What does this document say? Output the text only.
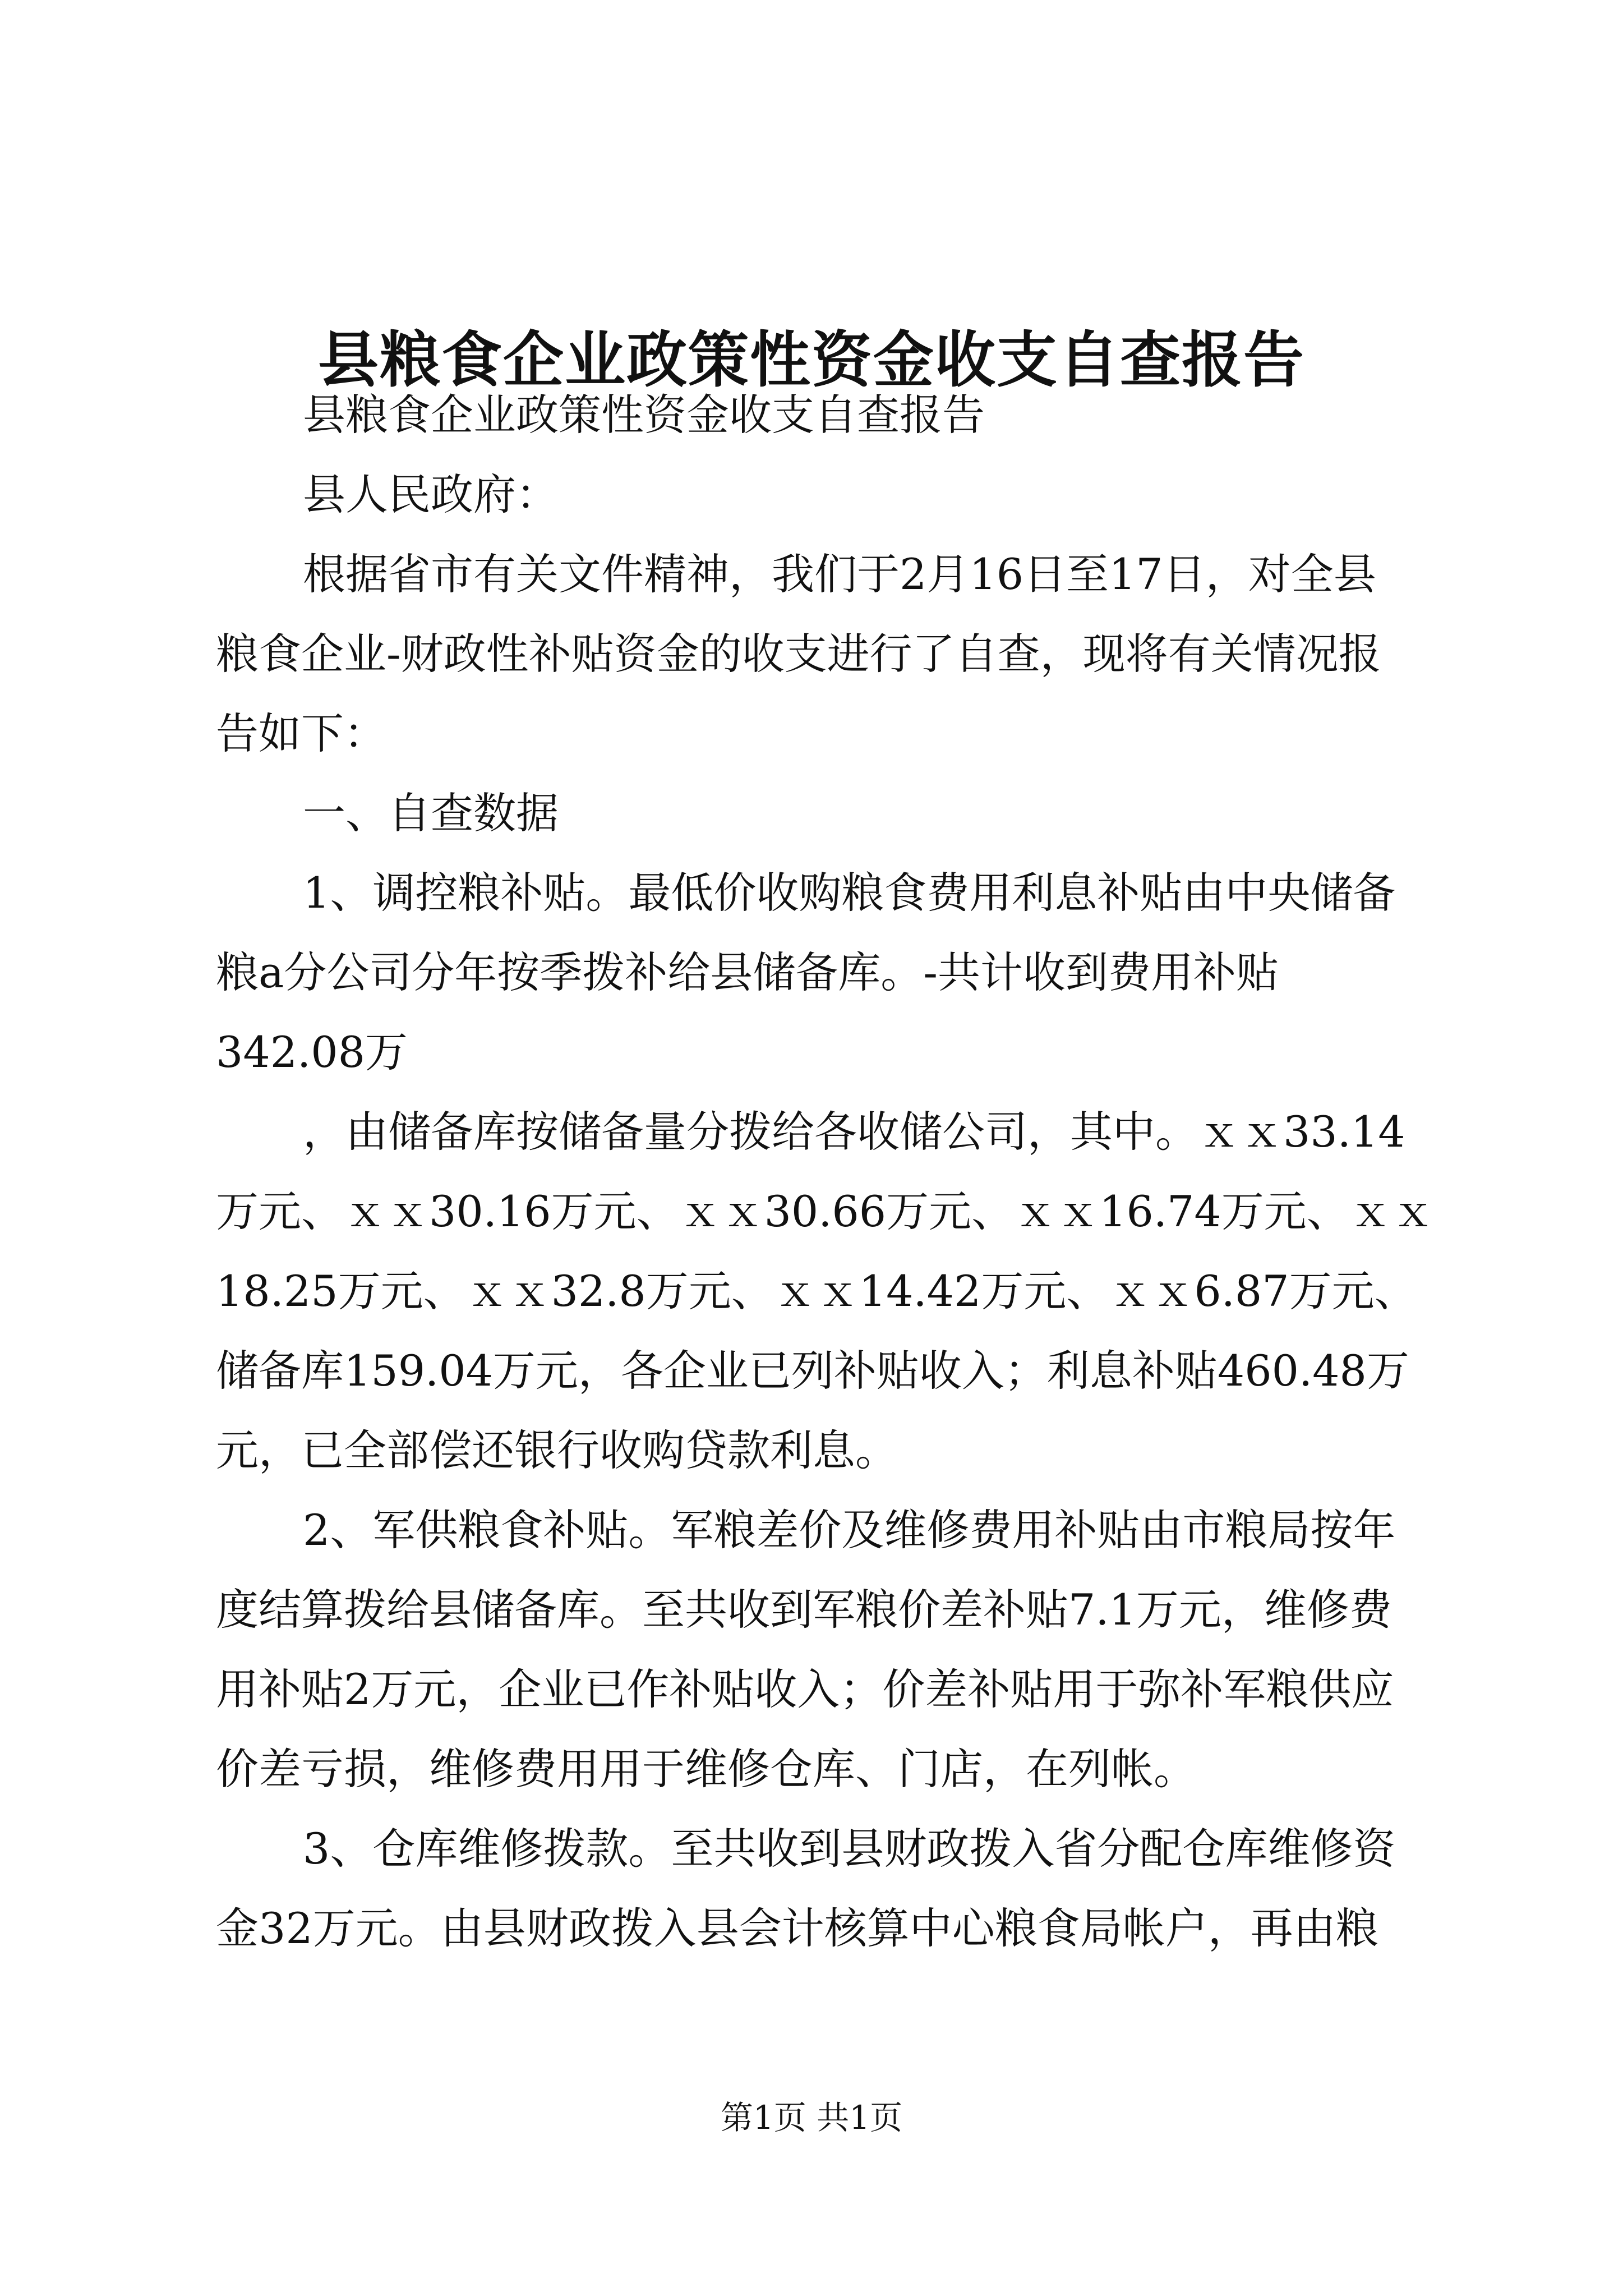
县粮食企业政策性资金收支自查报告

县粮食企业政策性资金收支自查报告

县人民政府：

根据省市有关文件精神，我们于2月16日至17日，对全县

粮食企业-财政性补贴资金的收支进行了自查，现将有关情况报

告如下：

一、自查数据

1、调控粮补贴。最低价收购粮食费用利息补贴由中央储备

粮a分公司分年按季拨补给县储备库。-共计收到费用补贴

342.08万

，由储备库按储备量分拨给各收储公司，其中。ｘｘ33.14

万元、ｘｘ30.16万元、ｘｘ30.66万元、ｘｘ16.74万元、ｘｘ

18.25万元、ｘｘ32.8万元、ｘｘ14.42万元、ｘｘ6.87万元、

储备库159.04万元，各企业已列补贴收入；利息补贴460.48万

元，已全部偿还银行收购贷款利息。

2、军供粮食补贴。军粮差价及维修费用补贴由市粮局按年

度结算拨给县储备库。至共收到军粮价差补贴7.1万元，维修费

用补贴2万元，企业已作补贴收入；价差补贴用于弥补军粮供应

价差亏损，维修费用用于维修仓库、门店，在列帐。

3、仓库维修拨款。至共收到县财政拨入省分配仓库维修资

金32万元。由县财政拨入县会计核算中心粮食局帐户，再由粮

第1页 共1页
